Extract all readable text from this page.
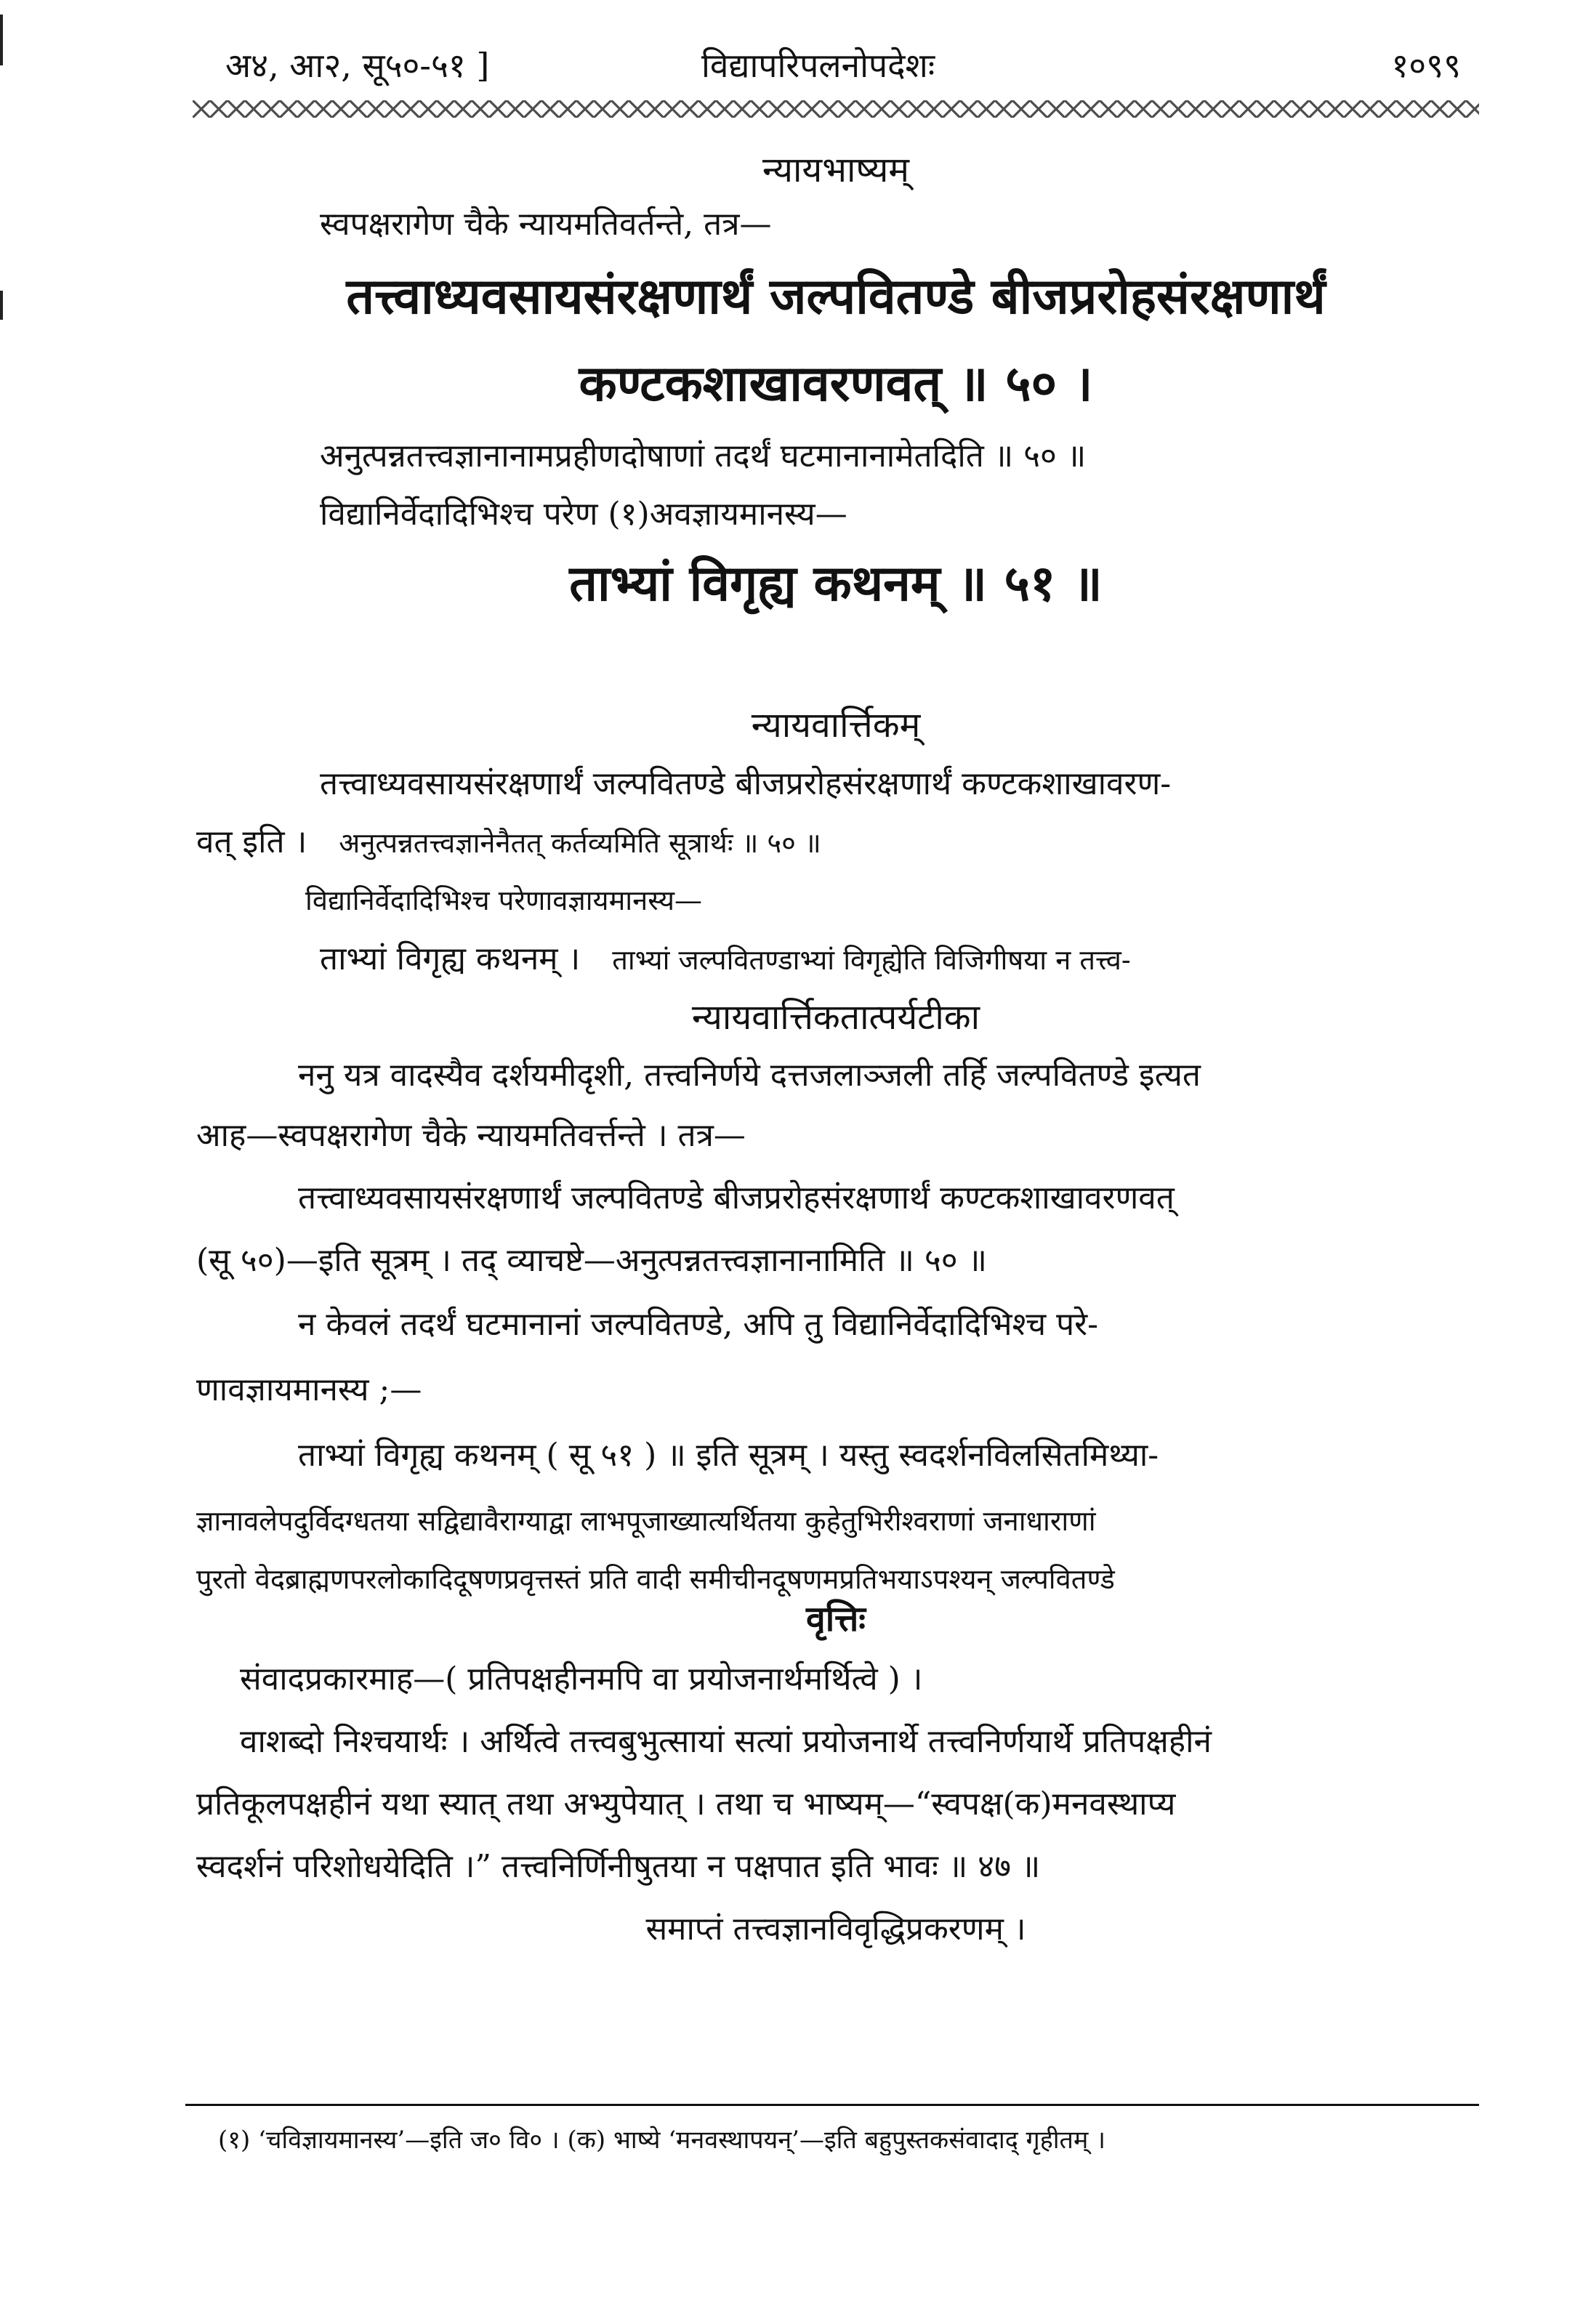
अ४, आ२, सू५०-५१ ]	विद्यापरिपलनोपदेशः	१०९९

न्यायभाष्यम्

स्वपक्षरागेण चैके न्यायमतिवर्तन्ते, तत्र—

तत्त्वाध्यवसायसंरक्षणार्थं जल्पवितण्डे बीजप्ररोहसंरक्षणार्थं

कण्टकशाखावरणवत् ॥ ५० ।

अनुत्पन्नतत्त्वज्ञानानामप्रहीणदोषाणां तदर्थं घटमानानामेतदिति ॥ ५० ॥

विद्यानिर्वेदादिभिश्च परेण (१)अवज्ञायमानस्य—

ताभ्यां विगृह्य कथनम् ॥ ५१ ॥

न्यायवार्त्तिकम्

तत्त्वाध्यवसायसंरक्षणार्थं जल्पवितण्डे बीजप्ररोहसंरक्षणार्थं कण्टकशाखावरण-

वत् इति । अनुत्पन्नतत्त्वज्ञानेनैतत् कर्तव्यमिति सूत्रार्थः ॥ ५० ॥

विद्यानिर्वेदादिभिश्च परेणावज्ञायमानस्य—

ताभ्यां विगृह्य कथनम् । ताभ्यां जल्पवितण्डाभ्यां विगृह्येति विजिगीषया न तत्त्व-

न्यायवार्त्तिकतात्पर्यटीका

ननु यत्र वादस्यैव दर्शयमीदृशी, तत्त्वनिर्णये दत्तजलाञ्जली तर्हि जल्पवितण्डे इत्यत

आह—स्वपक्षरागेण चैके न्यायमतिवर्त्तन्ते । तत्र—

तत्त्वाध्यवसायसंरक्षणार्थं जल्पवितण्डे बीजप्ररोहसंरक्षणार्थं कण्टकशाखावरणवत्

(सू ५०)—इति सूत्रम् । तद् व्याचष्टे—अनुत्पन्नतत्त्वज्ञानानामिति ॥ ५० ॥

न केवलं तदर्थं घटमानानां जल्पवितण्डे, अपि तु विद्यानिर्वेदादिभिश्च परे-

णावज्ञायमानस्य ;—

ताभ्यां विगृह्य कथनम् ( सू ५१ ) ॥ इति सूत्रम् । यस्तु स्वदर्शनविलसितमिथ्या-

ज्ञानावलेपदुर्विदग्धतया सद्विद्यावैराग्याद्वा लाभपूजाख्यात्यर्थितया कुहेतुभिरीश्वराणां जनाधाराणां

पुरतो वेदब्राह्मणपरलोकादिदूषणप्रवृत्तस्तं प्रति वादी समीचीनदूषणमप्रतिभयाऽपश्यन् जल्पवितण्डे

वृत्तिः

संवादप्रकारमाह—( प्रतिपक्षहीनमपि वा प्रयोजनार्थमर्थित्वे ) ।

वाशब्दो निश्चयार्थः । अर्थित्वे तत्त्वबुभुत्सायां सत्यां प्रयोजनार्थे तत्त्वनिर्णयार्थे प्रतिपक्षहीनं

प्रतिकूलपक्षहीनं यथा स्यात् तथा अभ्युपेयात् । तथा च भाष्यम्—“स्वपक्ष(क)मनवस्थाप्य

स्वदर्शनं परिशोधयेदिति ।” तत्त्वनिर्णिनीषुतया न पक्षपात इति भावः ॥ ४७ ॥

समाप्तं तत्त्वज्ञानविवृद्धिप्रकरणम् ।

(१) ‘चविज्ञायमानस्य’—इति ज० वि० । (क) भाष्ये ‘मनवस्थापयन्’—इति बहुपुस्तकसंवादाद् गृहीतम् ।
